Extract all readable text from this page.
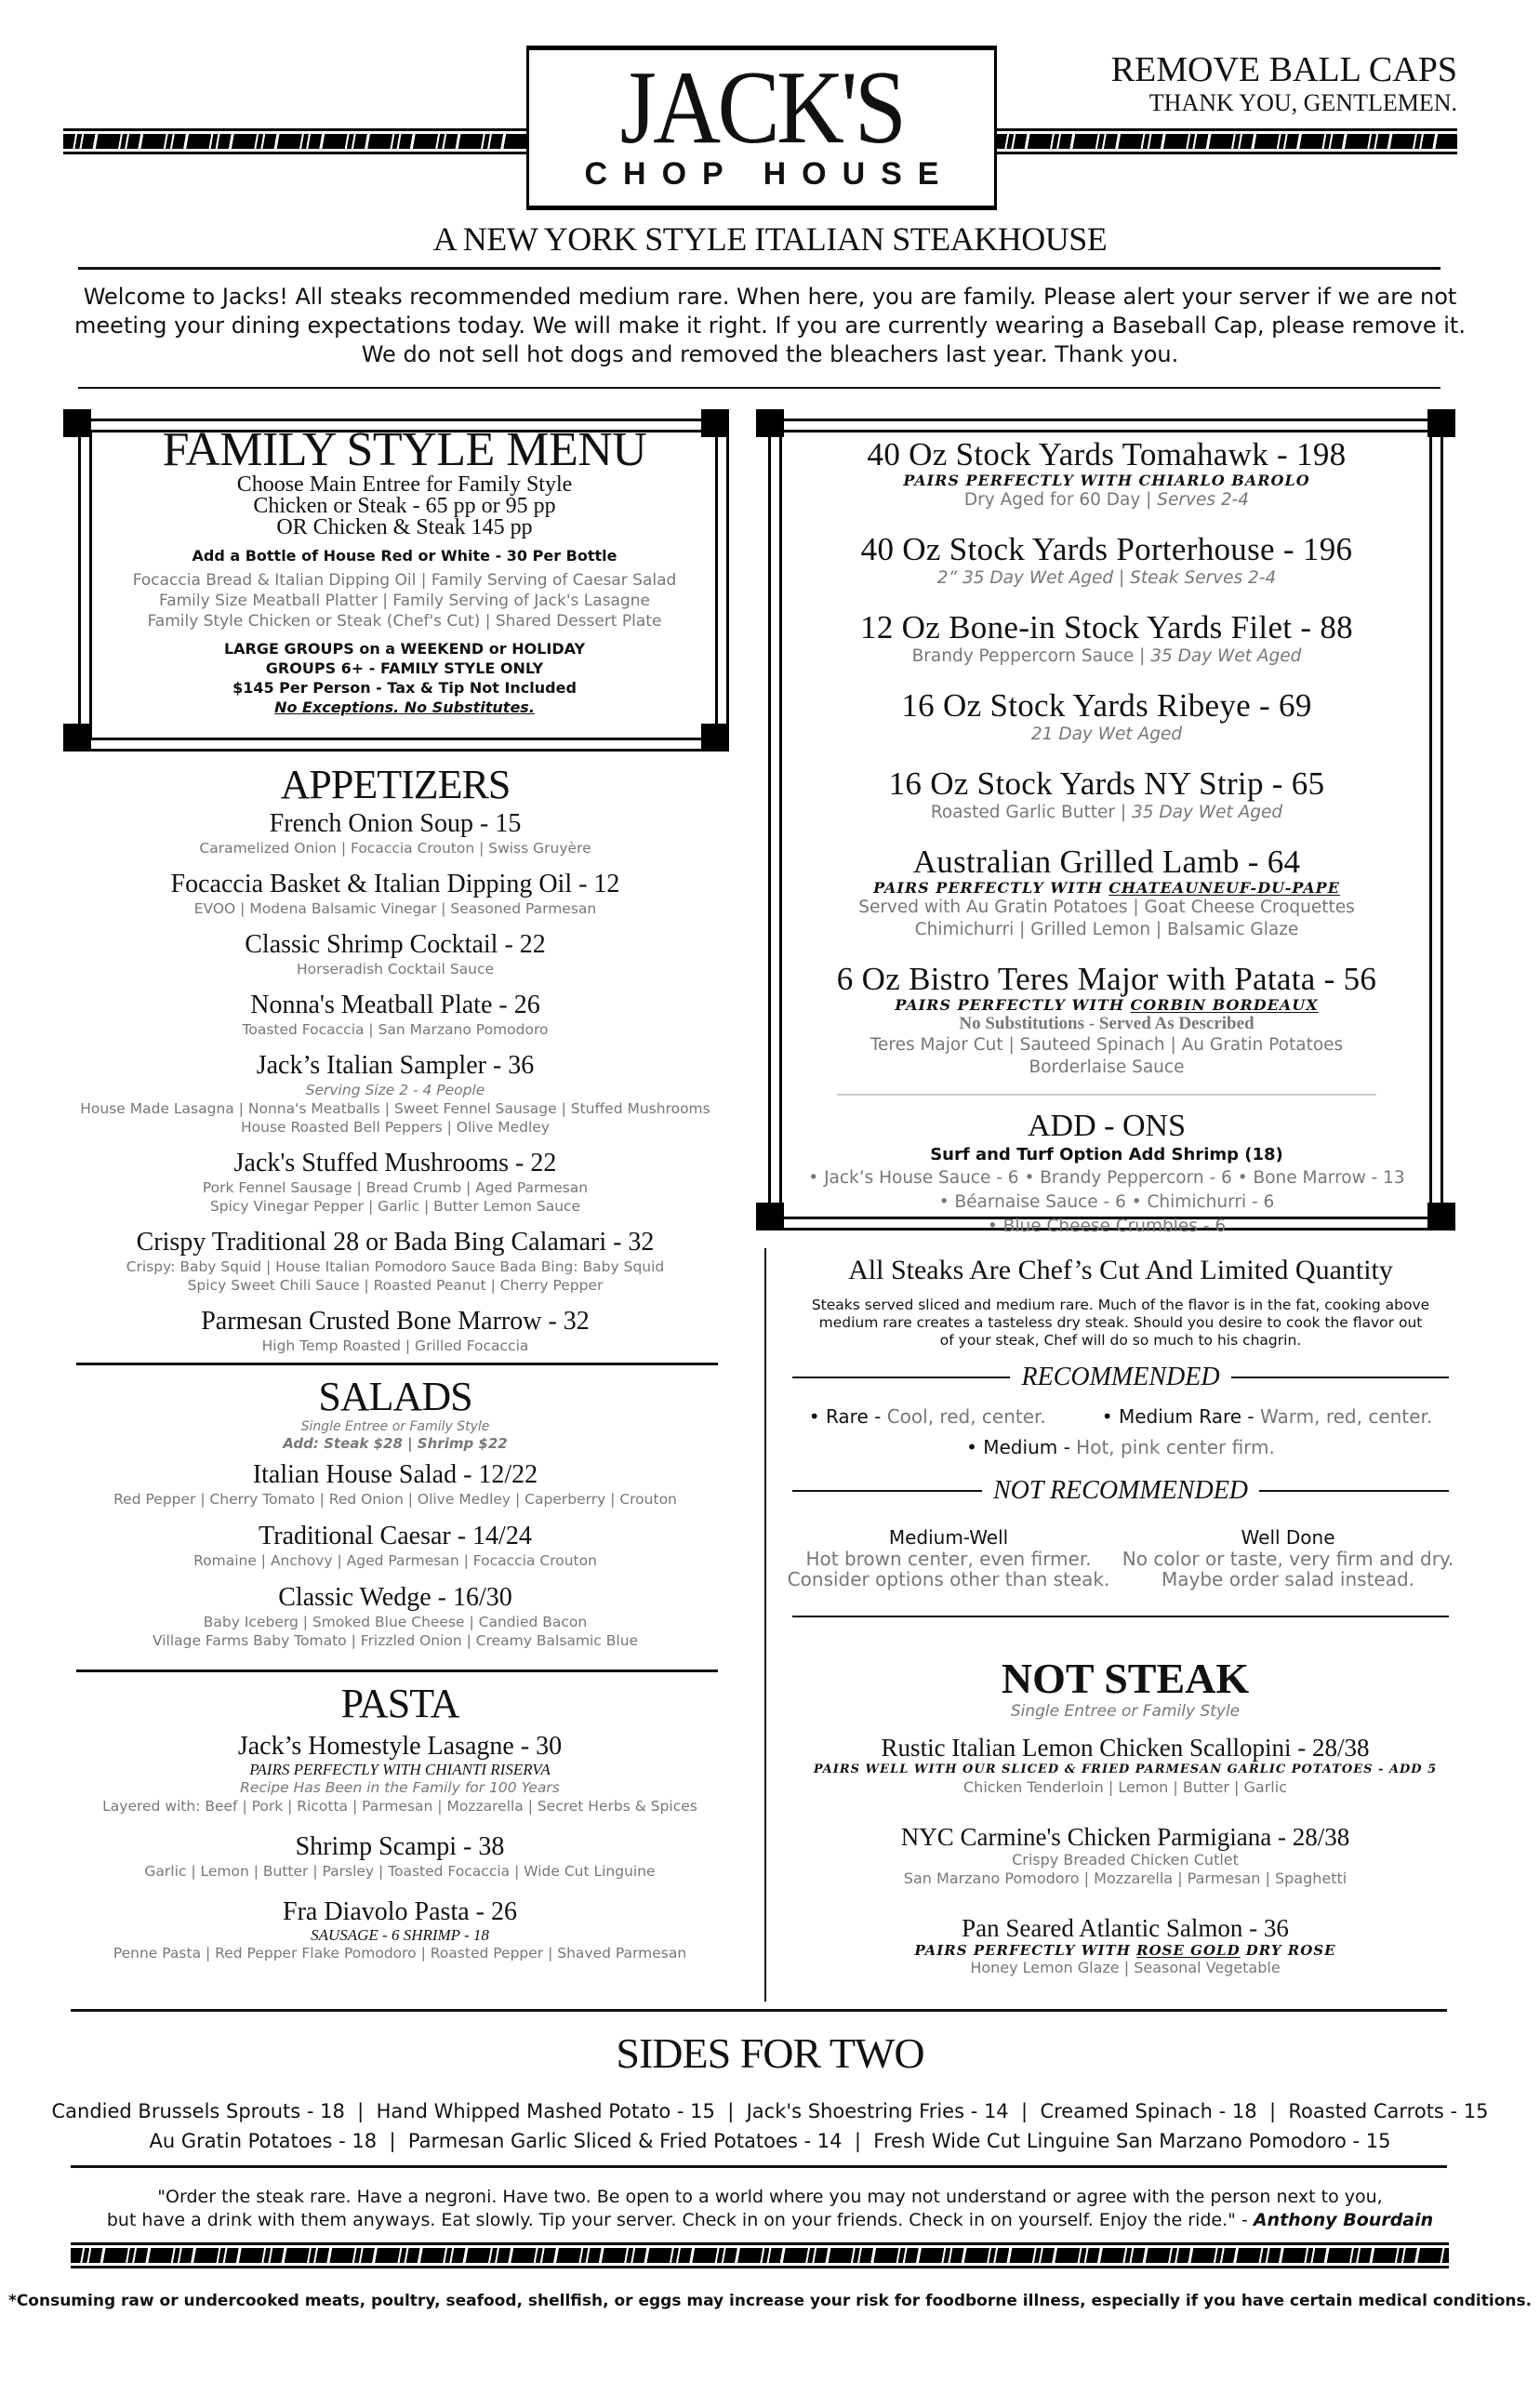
JACK'S
CHOP HOUSE
REMOVE BALL CAPS
THANK YOU, GENTLEMEN.
A NEW YORK STYLE ITALIAN STEAKHOUSE
Welcome to Jacks! All steaks recommended medium rare. When here, you are family. Please alert your server if we are not
meeting your dining expectations today. We will make it right. If you are currently wearing a Baseball Cap, please remove it.
We do not sell hot dogs and removed the bleachers last year. Thank you.
FAMILY STYLE MENU
Choose Main Entree for Family Style
Chicken or Steak - 65 pp or 95 pp
OR Chicken & Steak 145 pp
Add a Bottle of House Red or White - 30 Per Bottle
Focaccia Bread & Italian Dipping Oil | Family Serving of Caesar Salad
Family Size Meatball Platter | Family Serving of Jack's Lasagne
Family Style Chicken or Steak (Chef's Cut) | Shared Dessert Plate
LARGE GROUPS on a WEEKEND or HOLIDAY
GROUPS 6+ - FAMILY STYLE ONLY
$145 Per Person - Tax & Tip Not Included
No Exceptions. No Substitutes.
APPETIZERS
French Onion Soup - 15
Caramelized Onion | Focaccia Crouton | Swiss Gruyère
Focaccia Basket & Italian Dipping Oil - 12
EVOO | Modena Balsamic Vinegar | Seasoned Parmesan
Classic Shrimp Cocktail - 22
Horseradish Cocktail Sauce
Nonna's Meatball Plate - 26
Toasted Focaccia | San Marzano Pomodoro
Jack’s Italian Sampler - 36
Serving Size 2 - 4 People
House Made Lasagna | Nonna's Meatballs | Sweet Fennel Sausage | Stuffed Mushrooms
House Roasted Bell Peppers | Olive Medley
Jack's Stuffed Mushrooms - 22
Pork Fennel Sausage | Bread Crumb | Aged Parmesan
Spicy Vinegar Pepper | Garlic | Butter Lemon Sauce
Crispy Traditional 28 or Bada Bing Calamari - 32
Crispy: Baby Squid | House Italian Pomodoro Sauce Bada Bing: Baby Squid
Spicy Sweet Chili Sauce | Roasted Peanut | Cherry Pepper
Parmesan Crusted Bone Marrow - 32
High Temp Roasted | Grilled Focaccia
SALADS
Single Entree or Family Style
Add: Steak $28 | Shrimp $22
Italian House Salad - 12/22
Red Pepper | Cherry Tomato | Red Onion | Olive Medley | Caperberry | Crouton
Traditional Caesar - 14/24
Romaine | Anchovy | Aged Parmesan | Focaccia Crouton
Classic Wedge - 16/30
Baby Iceberg | Smoked Blue Cheese | Candied Bacon
Village Farms Baby Tomato | Frizzled Onion | Creamy Balsamic Blue
PASTA
Jack’s Homestyle Lasagne - 30
PAIRS PERFECTLY WITH CHIANTI RISERVA
Recipe Has Been in the Family for 100 Years
Layered with: Beef | Pork | Ricotta | Parmesan | Mozzarella | Secret Herbs & Spices
Shrimp Scampi - 38
Garlic | Lemon | Butter | Parsley | Toasted Focaccia | Wide Cut Linguine
Fra Diavolo Pasta - 26
SAUSAGE - 6 SHRIMP - 18
Penne Pasta | Red Pepper Flake Pomodoro | Roasted Pepper | Shaved Parmesan
40 Oz Stock Yards Tomahawk - 198
PAIRS PERFECTLY WITH CHIARLO BAROLO
Dry Aged for 60 Day | Serves 2-4
40 Oz Stock Yards Porterhouse - 196
2” 35 Day Wet Aged | Steak Serves 2-4
12 Oz Bone-in Stock Yards Filet - 88
Brandy Peppercorn Sauce | 35 Day Wet Aged
16 Oz Stock Yards Ribeye - 69
21 Day Wet Aged
16 Oz Stock Yards NY Strip - 65
Roasted Garlic Butter | 35 Day Wet Aged
Australian Grilled Lamb - 64
PAIRS PERFECTLY WITH CHATEAUNEUF-DU-PAPE
Served with Au Gratin Potatoes | Goat Cheese Croquettes
Chimichurri | Grilled Lemon | Balsamic Glaze
6 Oz Bistro Teres Major with Patata - 56
PAIRS PERFECTLY WITH CORBIN BORDEAUX
No Substitutions - Served As Described
Teres Major Cut | Sauteed Spinach | Au Gratin Potatoes
Borderlaise Sauce
ADD - ONS
Surf and Turf Option Add Shrimp (18)
• Jack’s House Sauce - 6 • Brandy Peppercorn - 6 • Bone Marrow - 13
• Béarnaise Sauce - 6 • Chimichurri - 6
• Blue Cheese Crumbles - 6
All Steaks Are Chef’s Cut And Limited Quantity
Steaks served sliced and medium rare. Much of the flavor is in the fat, cooking above
medium rare creates a tasteless dry steak. Should you desire to cook the flavor out
of your steak, Chef will do so much to his chagrin.
RECOMMENDED
• Rare - Cool, red, center.	• Medium Rare - Warm, red, center.
• Medium - Hot, pink center firm.
NOT RECOMMENDED
Medium-Well
Hot brown center, even firmer.
Consider options other than steak.
Well Done
No color or taste, very firm and dry.
Maybe order salad instead.
NOT STEAK
Single Entree or Family Style
Rustic Italian Lemon Chicken Scallopini - 28/38
PAIRS WELL WITH OUR SLICED & FRIED PARMESAN GARLIC POTATOES - ADD 5
Chicken Tenderloin | Lemon | Butter | Garlic
NYC Carmine's Chicken Parmigiana - 28/38
Crispy Breaded Chicken Cutlet
San Marzano Pomodoro | Mozzarella | Parmesan | Spaghetti
Pan Seared Atlantic Salmon - 36
PAIRS PERFECTLY WITH ROSE GOLD DRY ROSE
Honey Lemon Glaze | Seasonal Vegetable
SIDES FOR TWO
Candied Brussels Sprouts - 18  |  Hand Whipped Mashed Potato - 15  |  Jack's Shoestring Fries - 14  |  Creamed Spinach - 18  |  Roasted Carrots - 15
Au Gratin Potatoes - 18  |  Parmesan Garlic Sliced & Fried Potatoes - 14  |  Fresh Wide Cut Linguine San Marzano Pomodoro - 15
"Order the steak rare. Have a negroni. Have two. Be open to a world where you may not understand or agree with the person next to you,
but have a drink with them anyways. Eat slowly. Tip your server. Check in on your friends. Check in on yourself. Enjoy the ride." - Anthony Bourdain
*Consuming raw or undercooked meats, poultry, seafood, shellfish, or eggs may increase your risk for foodborne illness, especially if you have certain medical conditions.
